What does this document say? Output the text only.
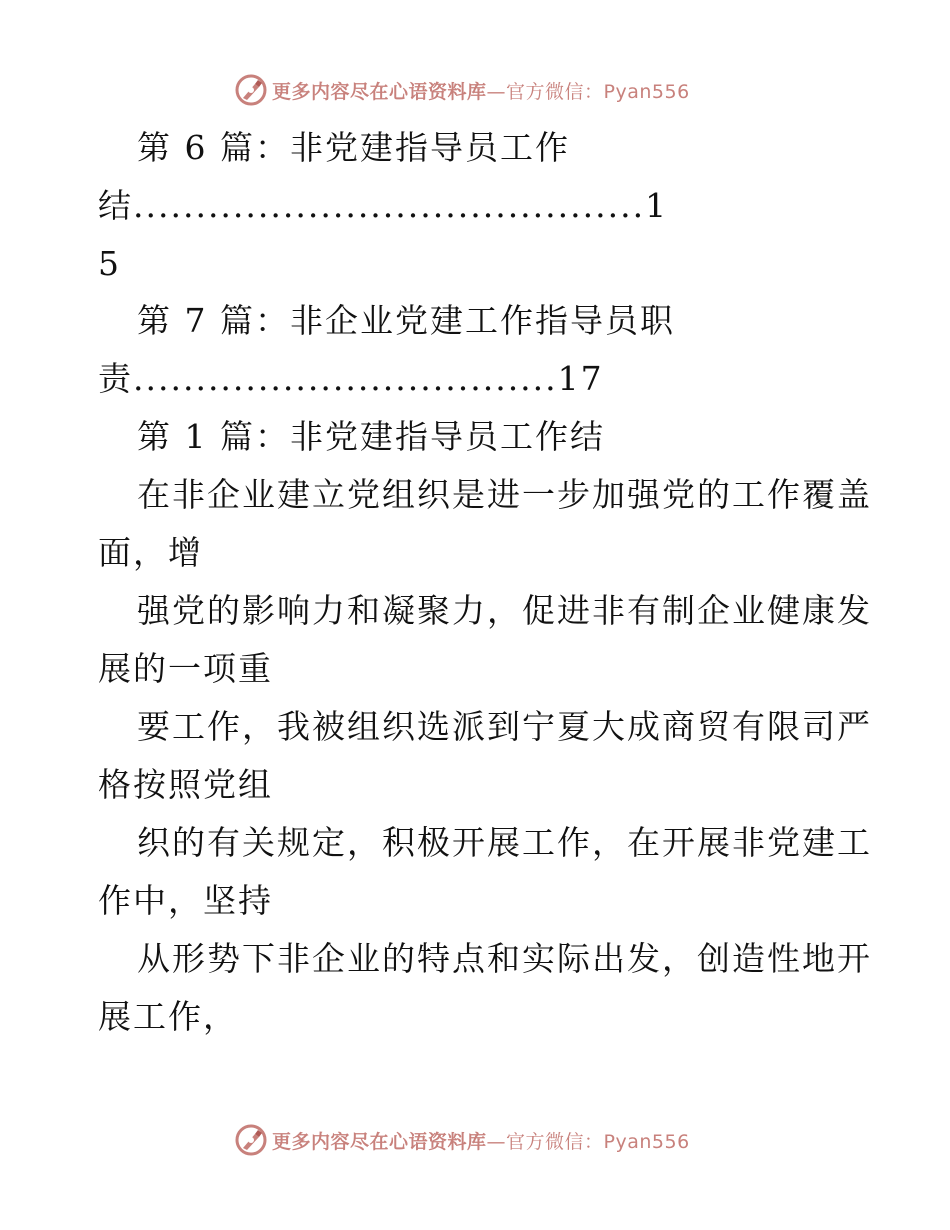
更多内容尽在心语资料库—官方微信：Pyan556
第 6 篇：非党建指导员工作
结.........................................1
5
第 7 篇：非企业党建工作指导员职
责..................................17
第 1 篇：非党建指导员工作结
在非企业建立党组织是进一步加强党的工作覆盖
面，增
强党的影响力和凝聚力，促进非有制企业健康发
展的一项重
要工作，我被组织选派到宁夏大成商贸有限司严
格按照党组
织的有关规定，积极开展工作，在开展非党建工
作中，坚持
从形势下非企业的特点和实际出发，创造性地开
展工作，
更多内容尽在心语资料库—官方微信：Pyan556
